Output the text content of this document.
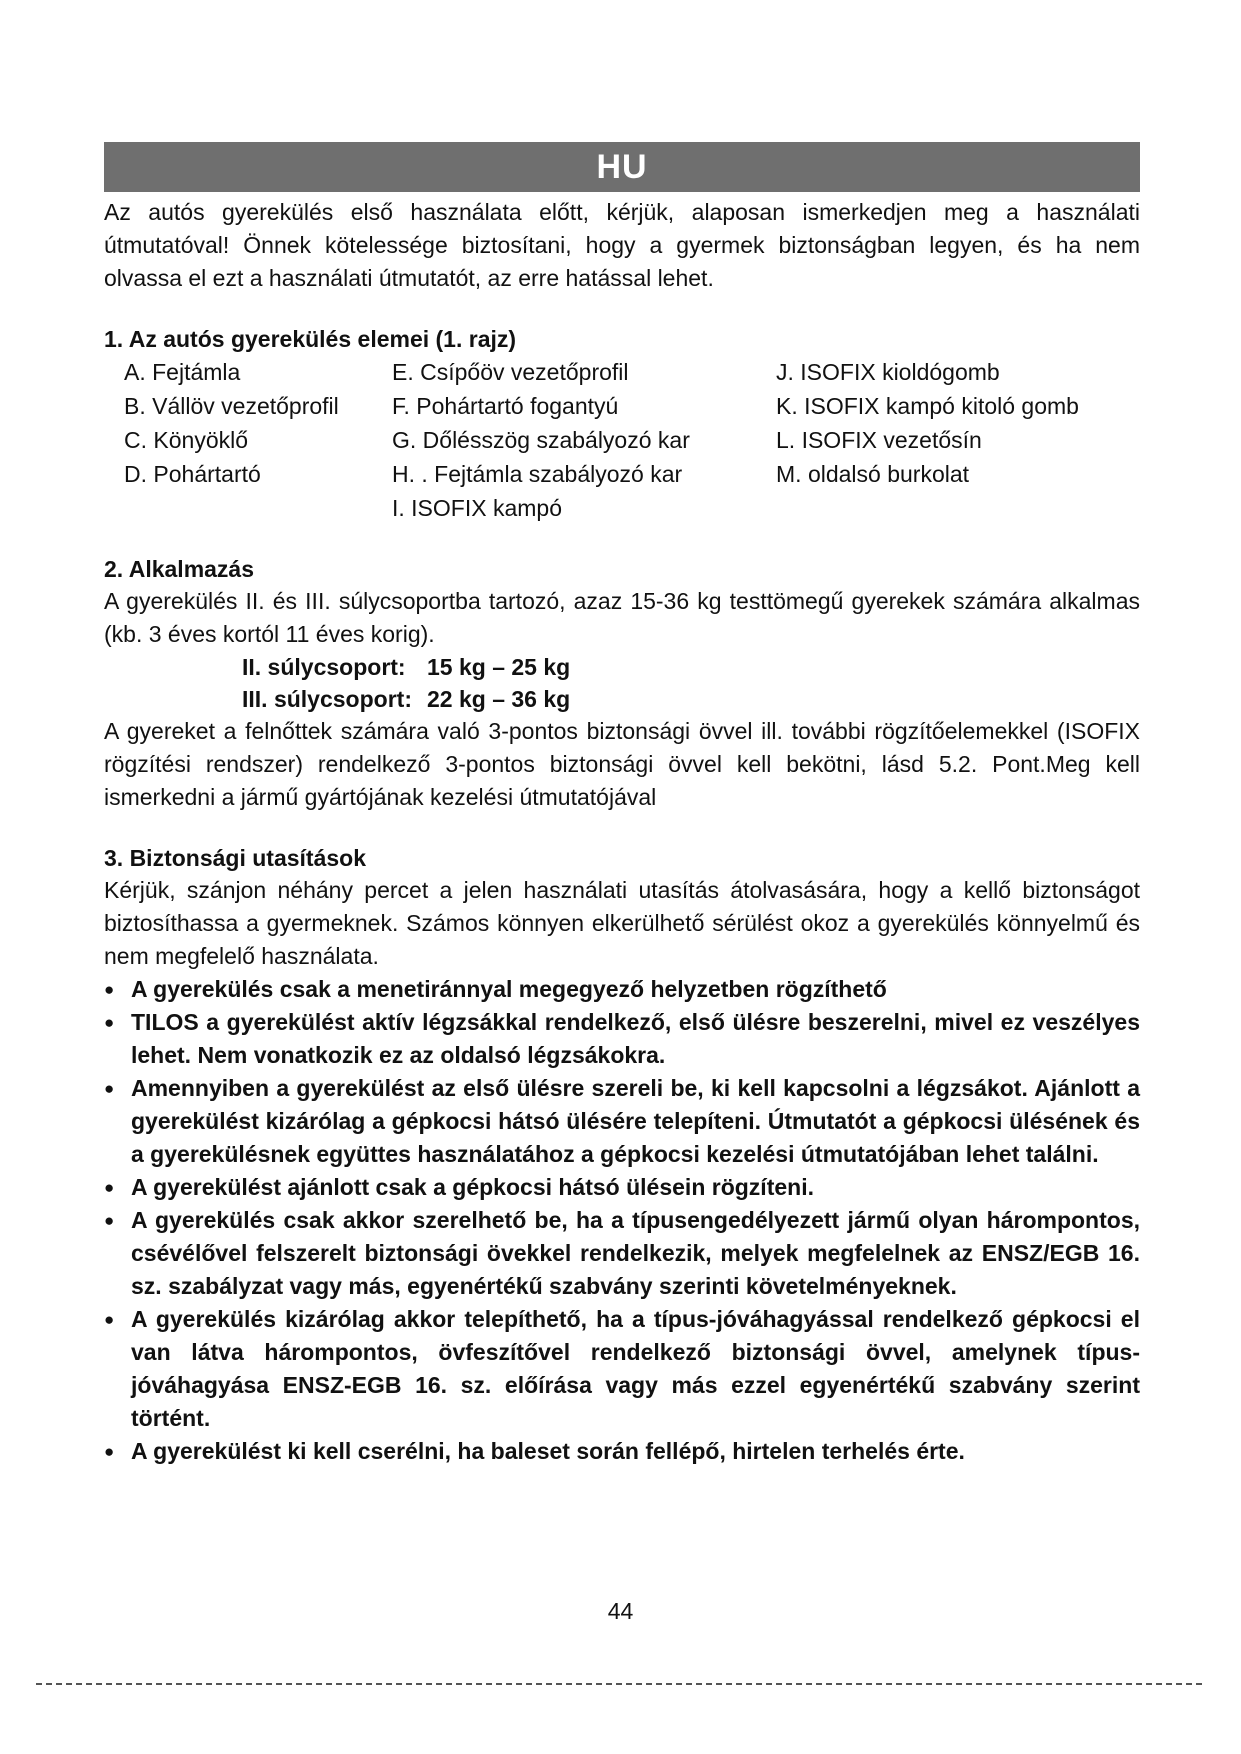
HU

Az autós gyerekülés első használata előtt, kérjük, alaposan ismerkedjen meg a használati útmutatóval! Önnek kötelessége biztosítani, hogy a gyermek biztonságban legyen, és ha nem olvassa el ezt a használati útmutatót, az erre hatással lehet.

1. Az autós gyerekülés elemei (1. rajz)

A. Fejtámla
B. Vállöv vezetőprofil
C. Könyöklő
D. Pohártartó
E. Csípőöv vezetőprofil
F. Pohártartó fogantyú
G. Dőlésszög szabályozó kar
H. . Fejtámla szabályozó kar
I. ISOFIX kampó
J. ISOFIX kioldógomb
K. ISOFIX kampó kitoló gomb
L. ISOFIX vezetősín
M. oldalsó burkolat

2. Alkalmazás

A gyerekülés II. és III. súlycsoportba tartozó, azaz 15-36 kg testtömegű gyerekek számára alkalmas (kb. 3 éves kortól 11 éves korig).

II. súlycsoport: 15 kg – 25 kg
III. súlycsoport: 22 kg – 36 kg

A gyereket a felnőttek számára való 3-pontos biztonsági övvel ill. további rögzítőelemekkel (ISOFIX rögzítési rendszer) rendelkező 3-pontos biztonsági övvel kell bekötni, lásd 5.2. Pont.Meg kell ismerkedni a jármű gyártójának kezelési útmutatójával

3. Biztonsági utasítások

Kérjük, szánjon néhány percet a jelen használati utasítás átolvasására, hogy a kellő biztonságot biztosíthassa a gyermeknek. Számos könnyen elkerülhető sérülést okoz a gyerekülés könnyelmű és nem megfelelő használata.

● A gyerekülés csak a menetiránnyal megegyező helyzetben rögzíthető
● TILOS a gyerekülést aktív légzsákkal rendelkező, első ülésre beszerelni, mivel ez veszélyes lehet. Nem vonatkozik ez az oldalsó légzsákokra.
● Amennyiben a gyerekülést az első ülésre szereli be, ki kell kapcsolni a légzsákot. Ajánlott a gyerekülést kizárólag a gépkocsi hátsó ülésére telepíteni. Útmutatót a gépkocsi ülésének és a gyerekülésnek együttes használatához a gépkocsi kezelési útmutatójában lehet találni.
● A gyerekülést ajánlott csak a gépkocsi hátsó ülésein rögzíteni.
● A gyerekülés csak akkor szerelhető be, ha a típusengedélyezett jármű olyan hárompontos, csévélővel felszerelt biztonsági övekkel rendelkezik, melyek megfelelnek az ENSZ/EGB 16. sz. szabályzat vagy más, egyenértékű szabvány szerinti követelményeknek.
● A gyerekülés kizárólag akkor telepíthető, ha a típus-jóváhagyással rendelkező gépkocsi el van látva hárompontos, övfeszítővel rendelkező biztonsági övvel, amelynek típus-jóváhagyása ENSZ-EGB 16. sz. előírása vagy más ezzel egyenértékű szabvány szerint történt.
● A gyerekülést ki kell cserélni, ha baleset során fellépő, hirtelen terhelés érte.
44
